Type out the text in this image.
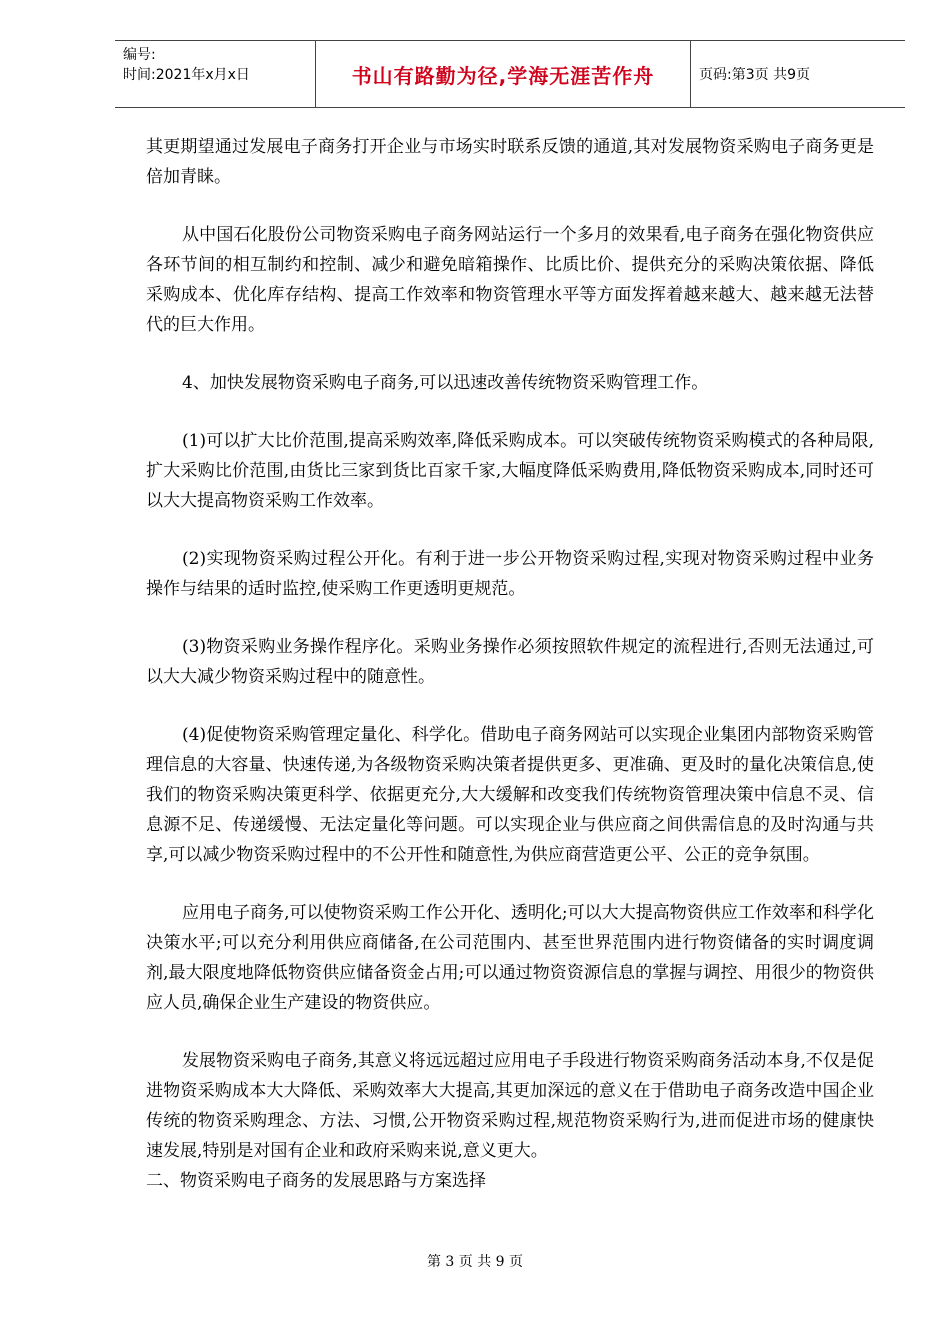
编号:
时间:2021年x月x日	书山有路勤为径,学海无涯苦作舟	页码:第3页 共9页

其更期望通过发展电子商务打开企业与市场实时联系反馈的通道,其对发展物资采购电子商务更是倍加青睐。

从中国石化股份公司物资采购电子商务网站运行一个多月的效果看,电子商务在强化物资供应各环节间的相互制约和控制、减少和避免暗箱操作、比质比价、提供充分的采购决策依据、降低采购成本、优化库存结构、提高工作效率和物资管理水平等方面发挥着越来越大、越来越无法替代的巨大作用。

4、加快发展物资采购电子商务,可以迅速改善传统物资采购管理工作。

(1)可以扩大比价范围,提高采购效率,降低采购成本。可以突破传统物资采购模式的各种局限,扩大采购比价范围,由货比三家到货比百家千家,大幅度降低采购费用,降低物资采购成本,同时还可以大大提高物资采购工作效率。

(2)实现物资采购过程公开化。有利于进一步公开物资采购过程,实现对物资采购过程中业务操作与结果的适时监控,使采购工作更透明更规范。

(3)物资采购业务操作程序化。采购业务操作必须按照软件规定的流程进行,否则无法通过,可以大大减少物资采购过程中的随意性。

(4)促使物资采购管理定量化、科学化。借助电子商务网站可以实现企业集团内部物资采购管理信息的大容量、快速传递,为各级物资采购决策者提供更多、更准确、更及时的量化决策信息,使我们的物资采购决策更科学、依据更充分,大大缓解和改变我们传统物资管理决策中信息不灵、信息源不足、传递缓慢、无法定量化等问题。可以实现企业与供应商之间供需信息的及时沟通与共享,可以减少物资采购过程中的不公开性和随意性,为供应商营造更公平、公正的竞争氛围。

应用电子商务,可以使物资采购工作公开化、透明化;可以大大提高物资供应工作效率和科学化决策水平;可以充分利用供应商储备,在公司范围内、甚至世界范围内进行物资储备的实时调度调剂,最大限度地降低物资供应储备资金占用;可以通过物资资源信息的掌握与调控、用很少的物资供应人员,确保企业生产建设的物资供应。

发展物资采购电子商务,其意义将远远超过应用电子手段进行物资采购商务活动本身,不仅是促进物资采购成本大大降低、采购效率大大提高,其更加深远的意义在于借助电子商务改造中国企业传统的物资采购理念、方法、习惯,公开物资采购过程,规范物资采购行为,进而促进市场的健康快速发展,特别是对国有企业和政府采购来说,意义更大。

二、物资采购电子商务的发展思路与方案选择

第 3 页 共 9 页
